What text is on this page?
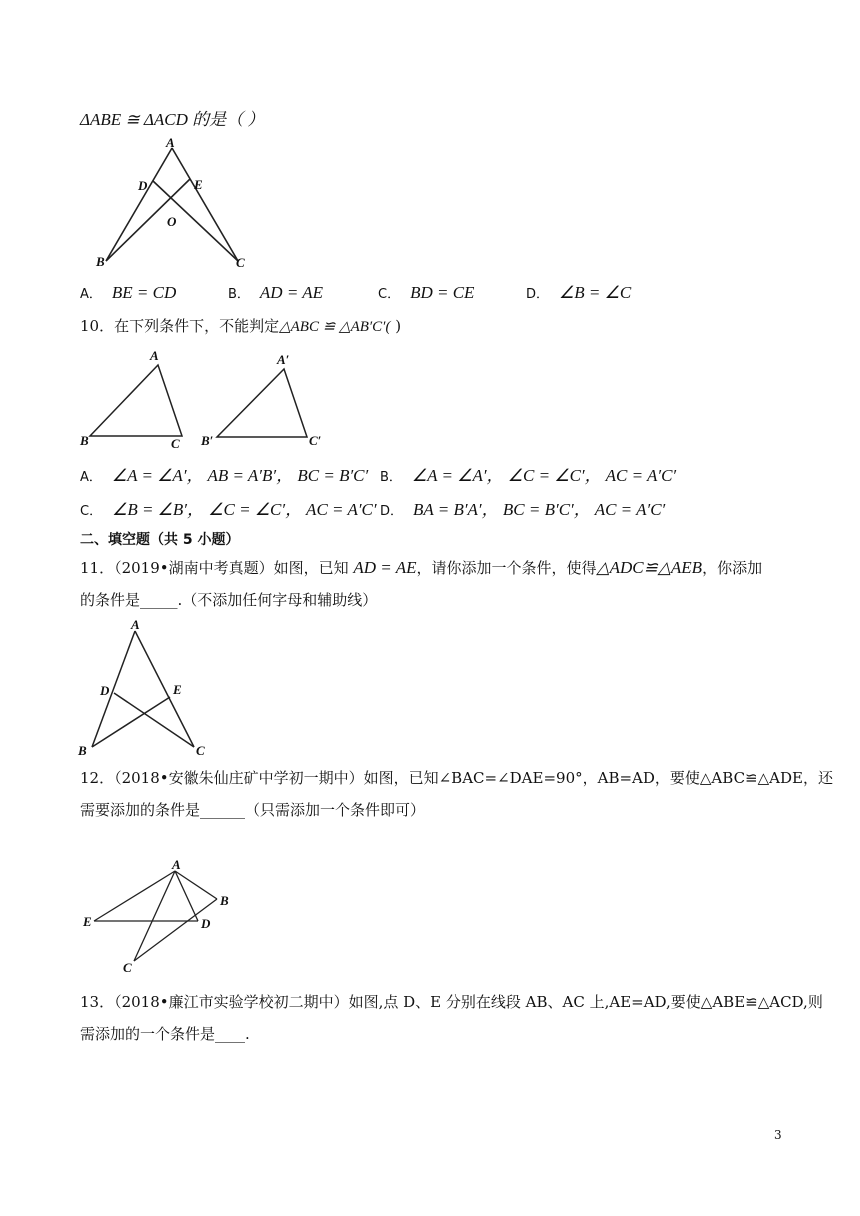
ΔABE ≅ ΔACD 的是（ ）
A
D	E
O
B	C
A． BE = CD	B． AD = AE	C． BD = CE	D． ∠B = ∠C
10．在下列条件下，不能判定△ABC ≌ △AB′C′( )
A
B	C
A′
B′	C′
A． ∠A = ∠A′， AB = A′B′， BC = B′C′ B． ∠A = ∠A′， ∠C = ∠C′， AC = A′C′
C． ∠B = ∠B′， ∠C = ∠C′， AC = A′C′ D． BA = B′A′， BC = B′C′， AC = A′C′
二、填空题（共 5 小题）
11．（2019•湖南中考真题）如图，已知 AD = AE，请你添加一个条件，使得△ADC≌△AEB，你添加
的条件是_____.（不添加任何字母和辅助线）
A
D	E
B	C
12．（2018•安徽朱仙庄矿中学初一期中）如图，已知∠BAC=∠DAE=90°，AB=AD，要使△ABC≌△ADE，还
需要添加的条件是______（只需添加一个条件即可）
A
B
E	D
C
13．（2018•廉江市实验学校初二期中）如图,点 D、E 分别在线段 AB、AC 上,AE=AD,要使△ABE≌△ACD,则
需添加的一个条件是____.
3
